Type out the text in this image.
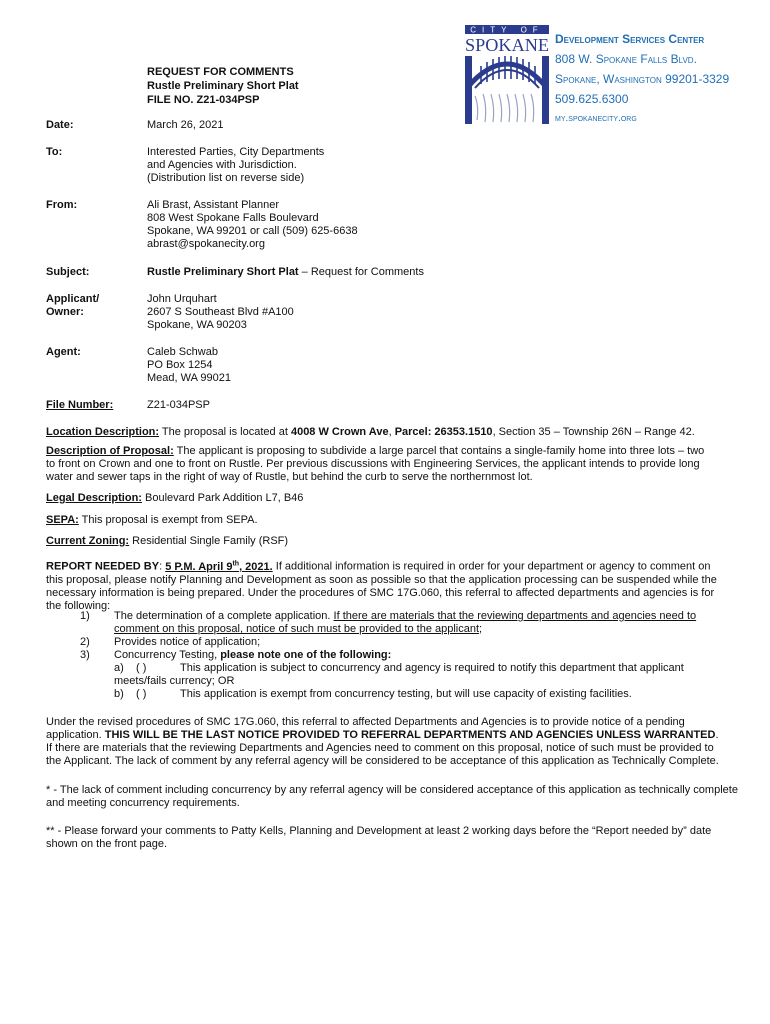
CITY OF
SPOKANE Development Services Center
808 W. Spokane Falls Blvd.
Spokane, Washington 99201-3329
509.625.6300
my.spokanecity.org
REQUEST FOR COMMENTS
Rustle Preliminary Short Plat
FILE NO. Z21-034PSP
Date:	March 26, 2021
To:	Interested Parties, City Departments
and Agencies with Jurisdiction.
(Distribution list on reverse side)
From:	Ali Brast, Assistant Planner
808 West Spokane Falls Boulevard
Spokane, WA 99201 or call (509) 625-6638
abrast@spokanecity.org
Subject:	Rustle Preliminary Short Plat – Request for Comments
Applicant/
Owner:
John Urquhart
2607 S Southeast Blvd #A100
Spokane, WA 90203
Agent:	Caleb Schwab
PO Box 1254
Mead, WA 99021
File Number:	Z21-034PSP
Location Description: The proposal is located at 4008 W Crown Ave, Parcel: 26353.1510, Section 35 – Township 26N – Range 42.
Description of Proposal: The applicant is proposing to subdivide a large parcel that contains a single-family home into three lots – two
to front on Crown and one to front on Rustle. Per previous discussions with Engineering Services, the applicant intends to provide long
water and sewer taps in the right of way of Rustle, but behind the curb to serve the northernmost lot.
Legal Description: Boulevard Park Addition L7, B46
SEPA: This proposal is exempt from SEPA.
Current Zoning: Residential Single Family (RSF)
REPORT NEEDED BY: 5 P.M. April 9th, 2021. If additional information is required in order for your department or agency to comment on
this proposal, please notify Planning and Development as soon as possible so that the application processing can be suspended while the
necessary information is being prepared. Under the procedures of SMC 17G.060, this referral to affected departments and agencies is for
the following:
1) The determination of a complete application. If there are materials that the reviewing departments and agencies need to
comment on this proposal, notice of such must be provided to the applicant;
2) Provides notice of application;
3) Concurrency Testing, please note one of the following:
a) ( )	This application is subject to concurrency and agency is required to notify this department that applicant
meets/fails currency; OR
b) ( )	This application is exempt from concurrency testing, but will use capacity of existing facilities.
Under the revised procedures of SMC 17G.060, this referral to affected Departments and Agencies is to provide notice of a pending
application. THIS WILL BE THE LAST NOTICE PROVIDED TO REFERRAL DEPARTMENTS AND AGENCIES UNLESS WARRANTED.
If there are materials that the reviewing Departments and Agencies need to comment on this proposal, notice of such must be provided to
the Applicant. The lack of comment by any referral agency will be considered to be acceptance of this application as Technically Complete.
* - The lack of comment including concurrency by any referral agency will be considered acceptance of this application as technically complete
and meeting concurrency requirements.
** - Please forward your comments to Patty Kells, Planning and Development at least 2 working days before the “Report needed by” date
shown on the front page.
